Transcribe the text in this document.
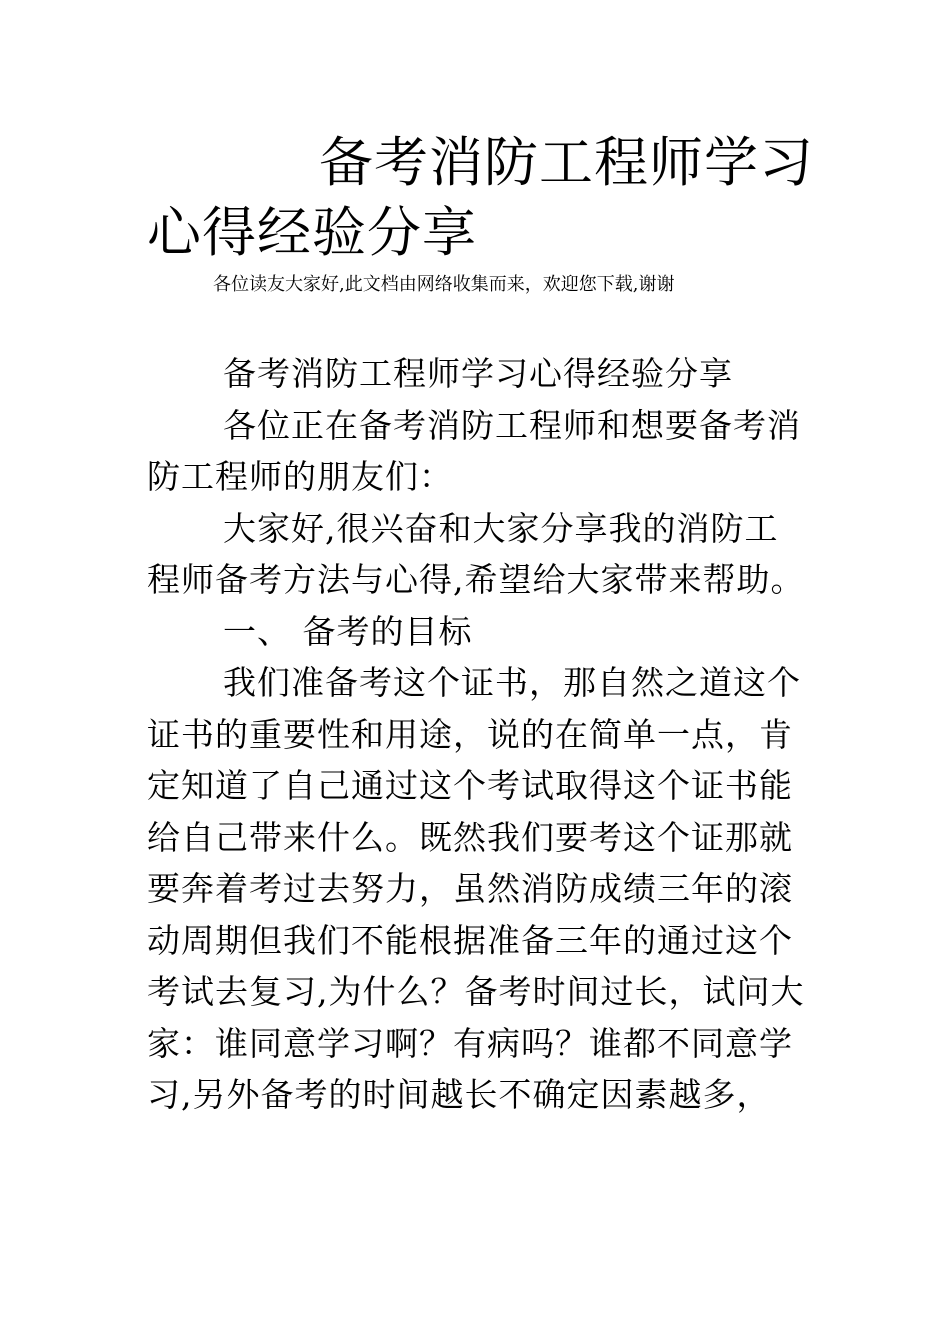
备考消防工程师学习心得经验分享
各位读友大家好,此文档由网络收集而来，欢迎您下载,谢谢

备考消防工程师学习心得经验分享

各位正在备考消防工程师和想要备考消防工程师的朋友们：

大家好,很兴奋和大家分享我的消防工程师备考方法与心得,希望给大家带来帮助。

一、 备考的目标

我们准备考这个证书，那自然之道这个证书的重要性和用途，说的在简单一点，肯定知道了自己通过这个考试取得这个证书能给自己带来什么。既然我们要考这个证那就要奔着考过去努力，虽然消防成绩三年的滚动周期但我们不能根据准备三年的通过这个考试去复习,为什么？备考时间过长，试问大家：谁同意学习啊？有病吗？谁都不同意学习,另外备考的时间越长不确定因素越多，
